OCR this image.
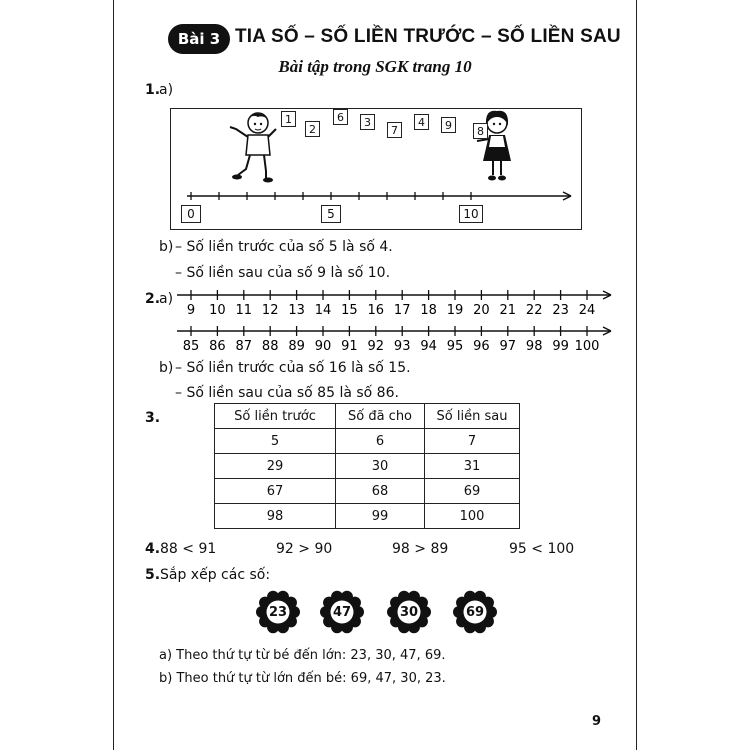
Bài 3 TIA SỐ – SỐ LIỀN TRƯỚC – SỐ LIỀN SAU
Bài tập trong SGK trang 10
1.
a)
1
2
6	3
7
4	9	8
0	5	10
b) – Số liền trước của số 5 là số 4.
– Số liền sau của số 9 là số 10.
2.
a)
9 10 11 12 13 14 15 16 17 18 19 20 21 22 23 24
85 86 87 88 89 90 91 92 93 94 95 96 97 98 99 100
b) – Số liền trước của số 16 là số 15.
– Số liền sau của số 85 là số 86.
3.	Số liền trước	Số đã cho	Số liền sau
5	6	7
29	30	31
67	68	69
98	99	100
4. 88 < 91	92 > 90	98 > 89	95 < 100
5. Sắp xếp các số:
23	47	30	69
a) Theo thứ tự từ bé đến lớn: 23, 30, 47, 69.
b) Theo thứ tự từ lớn đến bé: 69, 47, 30, 23.
9
